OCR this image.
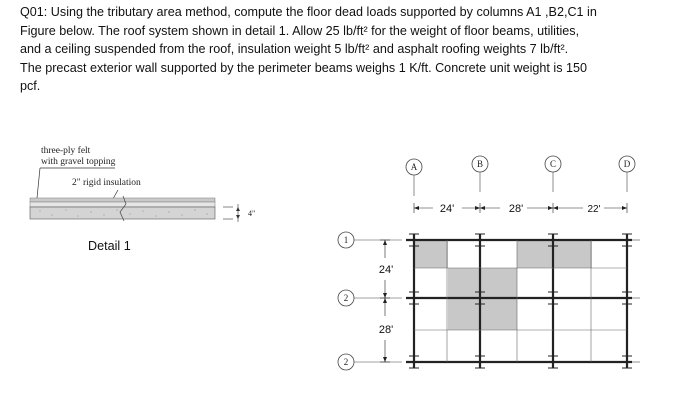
Q01: Using the tributary area method, compute the floor dead loads supported by columns A1 ,B2,C1 in

Figure below. The roof system shown in detail 1. Allow 25 lb/ft² for the weight of floor beams, utilities,

and a ceiling suspended from the roof, insulation weight 5 lb/ft² and asphalt roofing weights 7 lb/ft².

The precast exterior wall supported by the perimeter beams weighs 1 K/ft. Concrete unit weight is 150

pcf.

three-ply felt
with gravel topping
2" rigid insulation
4"
Detail 1
A	B	C	D
1
2
2
24'	28'	22'
24'
28'
